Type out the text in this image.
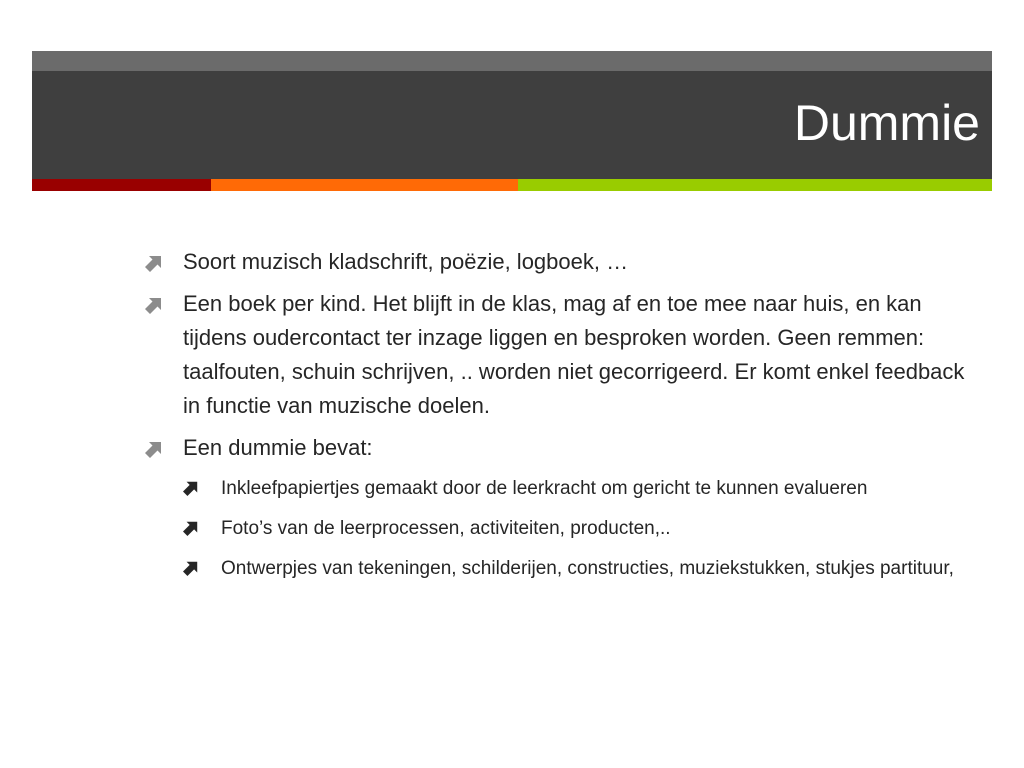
Dummie
Soort muzisch kladschrift, poëzie, logboek, …
Een boek per kind. Het blijft in de klas, mag af en toe mee naar huis, en kan tijdens oudercontact ter inzage liggen en besproken worden. Geen remmen: taalfouten, schuin schrijven, .. worden niet gecorrigeerd. Er komt enkel feedback in functie van muzische doelen.
Een dummie bevat:
Inkleefpapiertjes gemaakt door de leerkracht om gericht te kunnen evalueren
Foto’s van de leerprocessen, activiteiten, producten,..
Ontwerpjes van tekeningen, schilderijen, constructies, muziekstukken, stukjes partituur,
